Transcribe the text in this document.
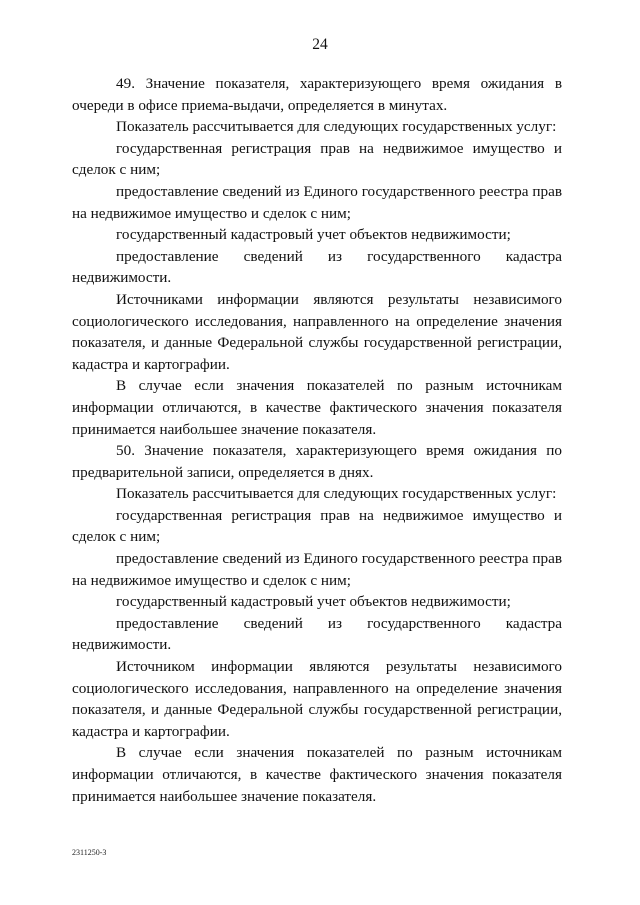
24

49. Значение показателя, характеризующего время ожидания в очереди в офисе приема-выдачи, определяется в минутах.

Показатель рассчитывается для следующих государственных услуг:

государственная регистрация прав на недвижимое имущество и сделок с ним;

предоставление сведений из Единого государственного реестра прав на недвижимое имущество и сделок с ним;

государственный кадастровый учет объектов недвижимости;

предоставление сведений из государственного кадастра недвижимости.

Источниками информации являются результаты независимого социологического исследования, направленного на определение значения показателя, и данные Федеральной службы государственной регистрации, кадастра и картографии.

В случае если значения показателей по разным источникам информации отличаются, в качестве фактического значения показателя принимается наибольшее значение показателя.

50. Значение показателя, характеризующего время ожидания по предварительной записи, определяется в днях.

Показатель рассчитывается для следующих государственных услуг:

государственная регистрация прав на недвижимое имущество и сделок с ним;

предоставление сведений из Единого государственного реестра прав на недвижимое имущество и сделок с ним;

государственный кадастровый учет объектов недвижимости;

предоставление сведений из государственного кадастра недвижимости.

Источником информации являются результаты независимого социологического исследования, направленного на определение значения показателя, и данные Федеральной службы государственной регистрации, кадастра и картографии.

В случае если значения показателей по разным источникам информации отличаются, в качестве фактического значения показателя принимается наибольшее значение показателя.

2311250-3
